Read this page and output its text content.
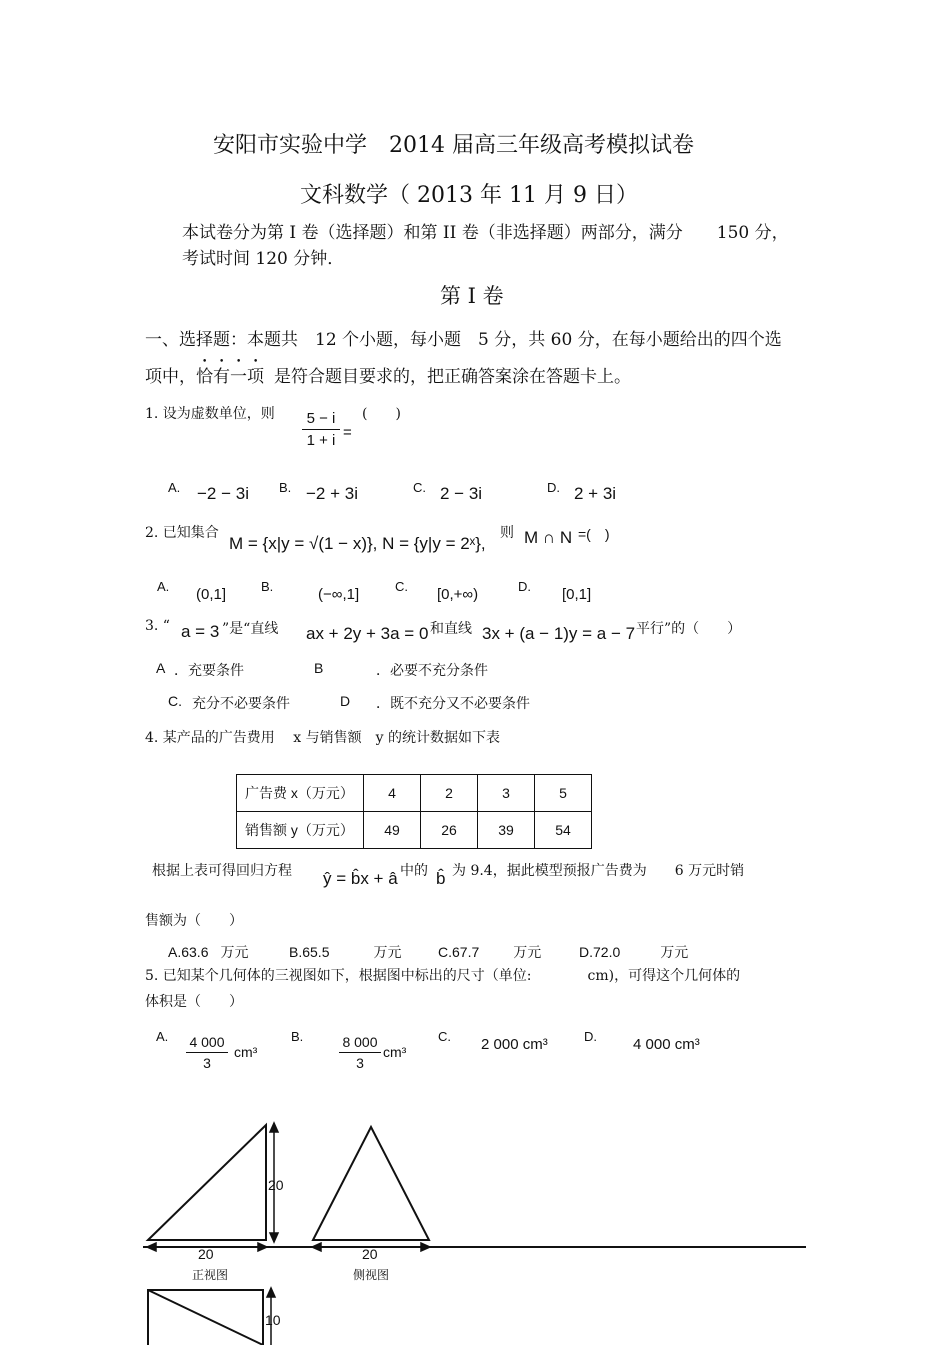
安阳市实验中学　2014 届高三年级高考模拟试卷
文科数学（ 2013 年 11 月 9 日）
本试卷分为第 I 卷（选择题）和第 II 卷（非选择题）两部分，满分　　150 分，
考试时间 120 分钟．
第 I 卷
一、选择题：本题共　12 个小题，每小题　5 分，共 60 分，在每小题给出的四个选
项中，恰有一项 是符合题目要求的，把正确答案涂在答题卡上。
1. 设为虚数单位，则	5 − i
1 + i =
(　　)
A. −2 − 3i B. −2 + 3i	C. 2 − 3i	D. 2 + 3i
2. 已知集合
M = {x|y = √(1 − x)}, N = {y|y = 2ˣ},
则 M ∩ N =(　)
A. (0,1]	B.	(−∞,1]	C. [0,+∞)	D. [0,1]
3. “ a = 3 ”是“直线 ax + 2y + 3a = 0 和直线 3x + (a − 1)y = a − 7 平行”的（　　）
A ．充要条件	B	．必要不充分条件
C. 充分不必要条件	D ．既不充分又不必要条件
4. 某产品的广告费用　 x 与销售额　y 的统计数据如下表
广告费 x（万元）	4	2	3	5
销售额 y（万元）	49	26	39	54
根据上表可得回归方程 ŷ = b̂x + â 中的 b̂ 为 9.4，据此模型预报广告费为　　6 万元时销
售额为（　　）
A.63.6 万元	B.65.5	万元	C.67.7 万元	D.72.0	万元
5. 已知某个几何体的三视图如下，根据图中标出的尺寸（单位:　　　　cm)，可得这个几何体的
体积是（　　）
A. 4 000
3
cm³
B.	8 000
3
cm³
C. 2 000 cm³	D. 4 000 cm³
20
20	20
10
正视图	侧视图
